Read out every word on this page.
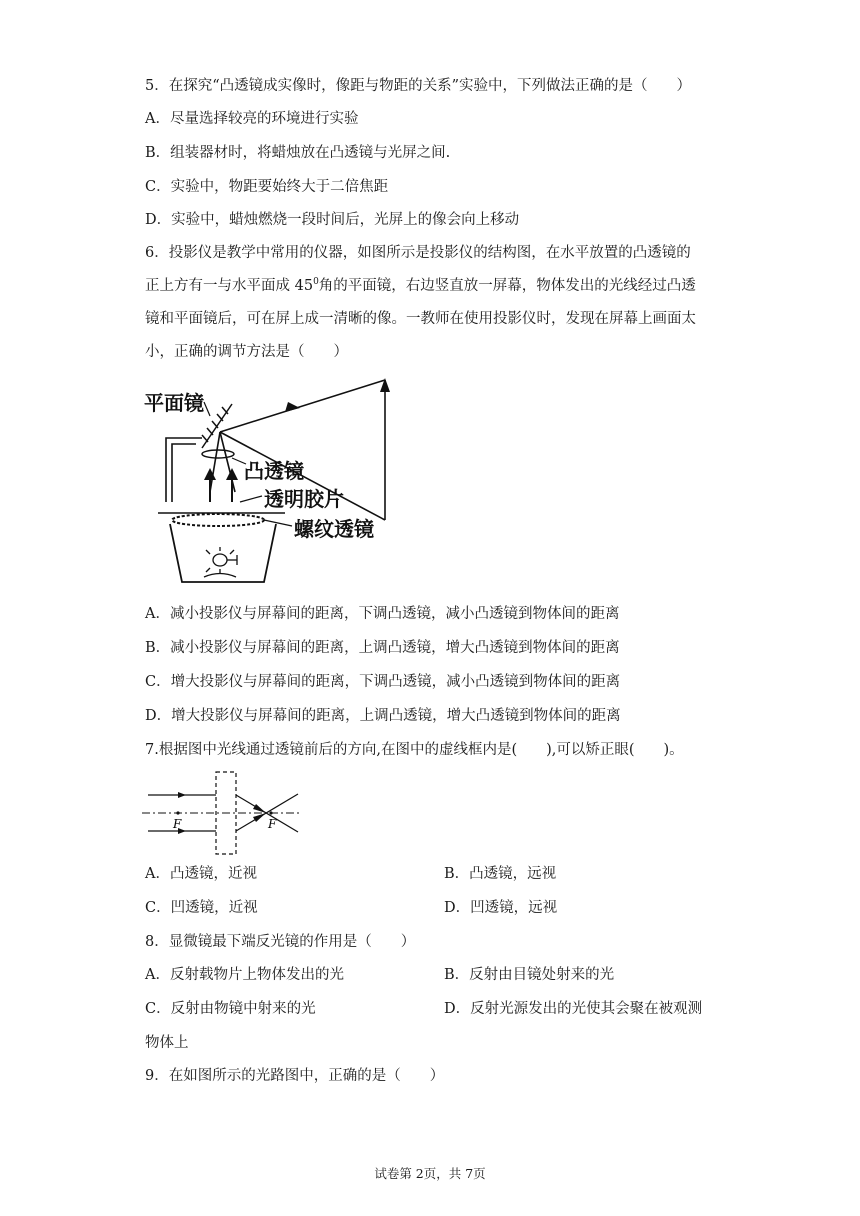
5．在探究“凸透镜成实像时，像距与物距的关系”实验中，下列做法正确的是（　　）
A．尽量选择较亮的环境进行实验
B．组装器材时，将蜡烛放在凸透镜与光屏之间.
C．实验中，物距要始终大于二倍焦距
D．实验中，蜡烛燃烧一段时间后，光屏上的像会向上移动
6．投影仪是教学中常用的仪器，如图所示是投影仪的结构图，在水平放置的凸透镜的
正上方有一与水平面成 $45^0$角的平面镜，右边竖直放一屏幕，物体发出的光线经过凸透
镜和平面镜后，可在屏上成一清晰的像。一教师在使用投影仪时，发现在屏幕上画面太
小，正确的调节方法是（　　）
平面镜
凸透镜
透明胶片
螺纹透镜
A．减小投影仪与屏幕间的距离，下调凸透镜，减小凸透镜到物体间的距离
B．减小投影仪与屏幕间的距离，上调凸透镜，增大凸透镜到物体间的距离
C．增大投影仪与屏幕间的距离，下调凸透镜，减小凸透镜到物体间的距离
D．增大投影仪与屏幕间的距离，上调凸透镜，增大凸透镜到物体间的距离
7.根据图中光线通过透镜前后的方向,在图中的虚线框内是(　　),可以矫正眼(　　)。
F	F
A．凸透镜，近视	B．凸透镜，远视
C．凹透镜，近视	D．凹透镜，远视
8．显微镜最下端反光镜的作用是（　　）
A．反射载物片上物体发出的光	B．反射由目镜处射来的光
C．反射由物镜中射来的光	D．反射光源发出的光使其会聚在被观测
物体上
9．在如图所示的光路图中，正确的是（　　）
试卷第 2页，共 7页
